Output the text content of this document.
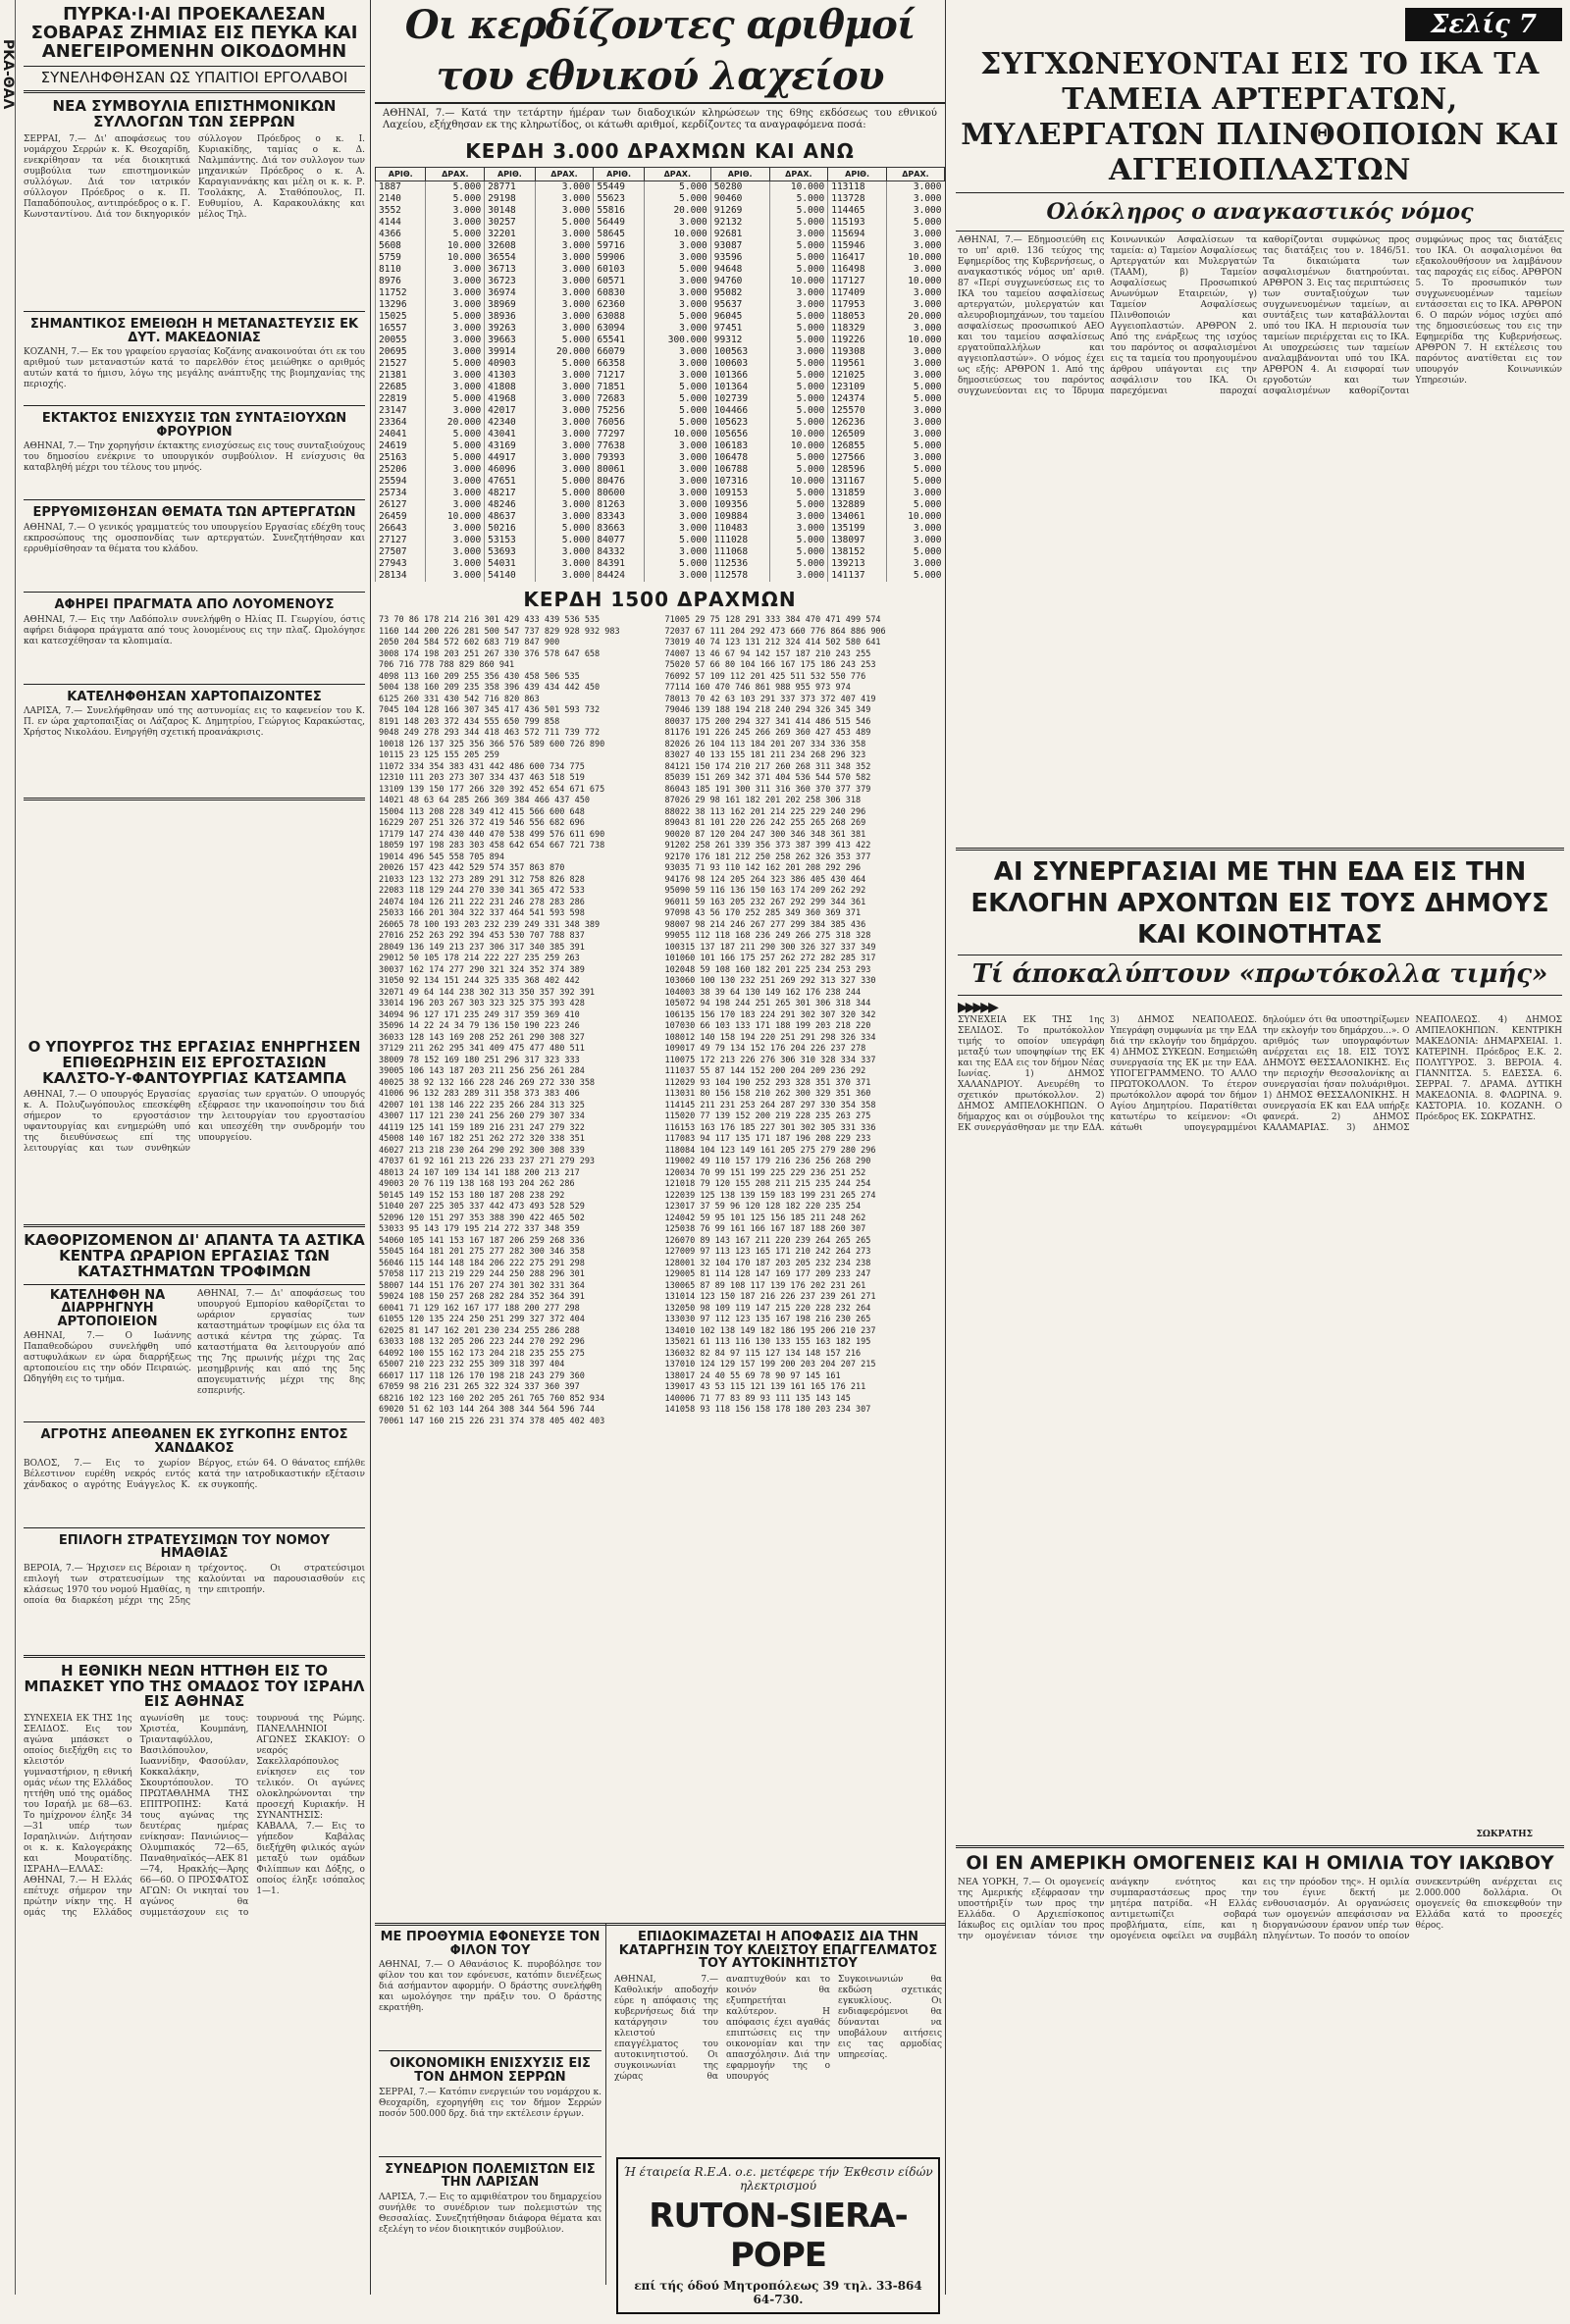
ΡΚΑ-ΘΑΛ
ΠΥΡΚΑ·Ι·ΑΙ ΠΡΟΕΚΑΛΕΣΑΝ ΣΟΒΑΡΑΣ ΖΗΜΙΑΣ ΕΙΣ ΠΕΥΚΑ ΚΑΙ ΑΝΕΓΕΙΡΟΜΕΝΗΝ ΟΙΚΟΔΟΜΗΝ
ΣΥΝΕΛΗΦΘΗΣΑΝ ΩΣ ΥΠΑΙΤΙΟΙ ΕΡΓΟΛΑΒΟΙ
ΝΕΑ ΣΥΜΒΟΥΛΙΑ ΕΠΙΣΤΗΜΟΝΙΚΩΝ ΣΥΛΛΟΓΩΝ ΤΩΝ ΣΕΡΡΩΝ
ΣΕΡΡΑΙ, 7.— Δι' αποφάσεως του νομάρχου Σερρών κ. Κ. Θεοχαρίδη, ενεκρίθησαν τα νέα διοικητικά συμβούλια των επιστημονικών συλλόγων. Διά τον ιατρικόν σύλλογον Πρόεδρος ο κ. Π. Παπαδόπουλος, αντιπρόεδρος ο κ. Γ. Κωνσταντίνου. Διά τον δικηγορικόν σύλλογον Πρόεδρος ο κ. Ι. Κυριακίδης, ταμίας ο κ. Δ. Ναλμπάντης. Διά τον συλλογον των μηχανικών Πρόεδρος ο κ. Α. Καραγιαννάκης και μέλη οι κ. κ. Ρ. Τσολάκης, Α. Σταθόπουλος, Π. Ευθυμίου, Α. Καρακουλάκης και μέλος Τηλ.
ΣΗΜΑΝΤΙΚΟΣ ΕΜΕΙΘΩΗ Η ΜΕΤΑΝΑΣΤΕΥΣΙΣ ΕΚ ΔΥΤ. ΜΑΚΕΔΟΝΙΑΣ
ΚΟΖΑΝΗ, 7.— Εκ του γραφείου εργασίας Κοζάνης ανακοινούται ότι εκ του αριθμού των μεταναστών κατά το παρελθόν έτος μειώθηκε ο αριθμός αυτών κατά το ήμισυ, λόγω της μεγάλης ανάπτυξης της βιομηχανίας της περιοχής.
ΕΚΤΑΚΤΟΣ ΕΝΙΣΧΥΣΙΣ ΤΩΝ ΣΥΝΤΑΞΙΟΥΧΩΝ ΦΡΟΥΡΙΟΝ
ΑΘΗΝΑΙ, 7.— Την χορηγήσιν έκτακτης ενισχύσεως εις τους συνταξιούχους του δημοσίου ενέκρινε το υπουργικόν συμβούλιον. Η ενίσχυσις θα καταβληθή μέχρι του τέλους του μηνός.
ΕΡΡΥΘΜΙΣΘΗΣΑΝ ΘΕΜΑΤΑ ΤΩΝ ΑΡΤΕΡΓΑΤΩΝ
ΑΘΗΝΑΙ, 7.— Ο γενικός γραμματεύς του υπουργείου Εργασίας εδέχθη τους εκπροσώπους της ομοσπονδίας των αρτεργατών. Συνεζητήθησαν και ερρυθμίσθησαν τα θέματα του κλάδου.
ΑΦΗΡΕΙ ΠΡΑΓΜΑΤΑ ΑΠΟ ΛΟΥΟΜΕΝΟΥΣ
ΑΘΗΝΑΙ, 7.— Εις την Λαδόπολιν συνελήφθη ο Ηλίας Π. Γεωργίου, όστις αφήρει διάφορα πράγματα από τους λουομένους εις την πλαζ. Ωμολόγησε και κατεσχέθησαν τα κλοπιμαία.
ΚΑΤΕΛΗΦΘΗΣΑΝ ΧΑΡΤΟΠΑΙΖΟΝΤΕΣ
ΛΑΡΙΣΑ, 7.— Συνελήφθησαν υπό της αστυνομίας εις το καφενείον του Κ. Π. εν ώρα χαρτοπαιξίας οι Λάζαρος Κ. Δημητρίου, Γεώργιος Καρακώστας, Χρήστος Νικολάου. Ενηργήθη σχετική προανάκρισις.
Ο ΥΠΟΥΡΓΟΣ ΤΗΣ ΕΡΓΑΣΙΑΣ ΕΝΗΡΓΗΣΕΝ ΕΠΙΘΕΩΡΗΣΙΝ ΕΙΣ ΕΡΓΟΣΤΑΣΙΩΝ ΚΑΛΣΤΟ-Υ-ΦΑΝΤΟΥΡΓΙΑΣ ΚΑΤΣΑΜΠΑ
ΑΘΗΝΑΙ, 7.— Ο υπουργός Εργασίας κ. Α. Πολυζωγόπουλος επεσκέφθη σήμερον το εργοστάσιον υφαντουργίας και ενημερώθη υπό της διευθύνσεως επί της λειτουργίας και των συνθηκών εργασίας των εργατών. Ο υπουργός εξέφρασε την ικανοποίησιν του διά την λειτουργίαν του εργοστασίου και υπεσχέθη την συνδρομήν του υπουργείου.
ΚΑΘΟΡΙΖΟΜΕΝΟΝ ΔΙ' ΑΠΑΝΤΑ ΤΑ ΑΣΤΙΚΑ ΚΕΝΤΡΑ ΩΡΑΡΙΟΝ ΕΡΓΑΣΙΑΣ ΤΩΝ ΚΑΤΑΣΤΗΜΑΤΩΝ ΤΡΟΦΙΜΩΝ
ΚΑΤΕΛΗΦΘΗ ΝΑ ΔΙΑΡΡΗΓΝΥΗ ΑΡΤΟΠΟΙΕΙΟΝ
ΑΘΗΝΑΙ, 7.— Ο Ιωάννης Παπαθεοδώρου συνελήφθη υπό αστυφυλάκων εν ώρα διαρρήξεως αρτοποιείου εις την οδόν Πειραιώς. Ωδηγήθη εις το τμήμα.
ΑΘΗΝΑΙ, 7.— Δι' αποφάσεως του υπουργού Εμπορίου καθορίζεται το ωράριον εργασίας των καταστημάτων τροφίμων εις όλα τα αστικά κέντρα της χώρας. Τα καταστήματα θα λειτουργούν από της 7ης πρωινής μέχρι της 2ας μεσημβρινής και από της 5ης απογευματινής μέχρι της 8ης εσπερινής.
ΑΓΡΟΤΗΣ ΑΠΕΘΑΝΕΝ ΕΚ ΣΥΓΚΟΠΗΣ ΕΝΤΟΣ ΧΑΝΔΑΚΟΣ
ΒΟΛΟΣ, 7.— Εις το χωρίον Βέλεστινον ευρέθη νεκρός εντός χάνδακος ο αγρότης Ευάγγελος Κ. Βέργος, ετών 64. Ο θάνατος επήλθε κατά την ιατροδικαστικήν εξέτασιν εκ συγκοπής.
ΕΠΙΛΟΓΗ ΣΤΡΑΤΕΥΣΙΜΩΝ ΤΟΥ ΝΟΜΟΥ ΗΜΑΘΙΑΣ
ΒΕΡΟΙΑ, 7.— Ήρχισεν εις Βέροιαν η επιλογή των στρατευσίμων της κλάσεως 1970 του νομού Ημαθίας, η οποία θα διαρκέση μέχρι της 25ης τρέχοντος. Οι στρατεύσιμοι καλούνται να παρουσιασθούν εις την επιτροπήν.
Η ΕΘΝΙΚΗ ΝΕΩΝ ΗΤΤΗΘΗ ΕΙΣ ΤΟ ΜΠΑΣΚΕΤ ΥΠΟ ΤΗΣ ΟΜΑΔΟΣ ΤΟΥ ΙΣΡΑΗΛ ΕΙΣ ΑΘΗΝΑΣ
ΣΥΝΕΧΕΙΑ ΕΚ ΤΗΣ 1ης ΣΕΛΙΔΟΣ. Εις τον αγώνα μπάσκετ ο οποίος διεξήχθη εις το κλειστόν γυμναστήριον, η εθνική ομάς νέων της Ελλάδος ηττήθη υπό της ομάδος του Ισραήλ με 68—63. Το ημίχρονον έληξε 34—31 υπέρ των Ισραηλινών. Διήτησαν οι κ. κ. Καλογεράκης και Μουρατίδης. ΙΣΡΑΗΛ—ΕΛΛΑΣ: ΑΘΗΝΑΙ, 7.— Η Ελλάς επέτυχε σήμερον την πρώτην νίκην της. Η ομάς της Ελλάδος αγωνίσθη με τους: Χριστέα, Κουμπάνη, Τριανταφύλλου, Βασιλόπουλον, Ιωαννίδην, Φασούλαν, Κοκκαλάκην, Σκουρτόπουλον. ΤΟ ΠΡΩΤΑΘΛΗΜΑ ΤΗΣ ΕΠΙΤΡΟΠΗΣ: Κατά τους αγώνας της δευτέρας ημέρας ενίκησαν: Πανιώνιος—Ολυμπιακός 72—65, Παναθηναϊκός—ΑΕΚ 81—74, Ηρακλής—Άρης 66—60. Ο ΠΡΟΣΦΑΤΟΣ ΑΓΩΝ: Οι νικηταί του αγώνος θα συμμετάσχουν εις το τουρνουά της Ρώμης. ΠΑΝΕΛΛΗΝΙΟΙ ΑΓΩΝΕΣ ΣΚΑΚΙΟΥ: Ο νεαρός Σακελλαρόπουλος ενίκησεν εις τον τελικόν. Οι αγώνες ολοκληρώνονται την προσεχή Κυριακήν. Η ΣΥΝΑΝΤΗΣΙΣ: ΚΑΒΑΛΑ, 7.— Εις το γήπεδον Καβάλας διεξήχθη φιλικός αγών μεταξύ των ομάδων Φιλίππων και Δόξης, ο οποίος έληξε ισόπαλος 1—1.
Οι κερδίζοντες αριθμοί του εθνικού λαχείου
ΑΘΗΝΑΙ, 7.— Κατά την τετάρτην ήμέραν των διαδοχικών κληρώσεων της 69ης εκδόσεως του εθνικού Λαχείου, εξήχθησαν εκ της κληρωτίδος, οι κάτωθι αριθμοί, κερδίζοντες τα αναγραφόμενα ποσά:
ΚΕΡΔΗ 3.000 ΔΡΑΧΜΩΝ ΚΑΙ ΑΝΩ
ΑΡΙΘ.	ΔΡΑΧ.	ΑΡΙΘ.	ΔΡΑΧ.	ΑΡΙΘ.	ΔΡΑΧ.	ΑΡΙΘ.	ΔΡΑΧ.	ΑΡΙΘ.	ΔΡΑΧ.
1887	5.000	28771	3.000	55449	5.000	50280	10.000	113118	3.000
2140	5.000	29198	3.000	55623	5.000	90460	5.000	113728	3.000
3552	3.000	30148	3.000	55816	20.000	91269	5.000	114465	3.000
4144	3.000	30257	5.000	56449	3.000	92132	5.000	115193	5.000
4366	5.000	32201	3.000	58645	10.000	92681	3.000	115694	3.000
5608	10.000	32608	3.000	59716	3.000	93087	5.000	115946	3.000
5759	10.000	36554	3.000	59906	3.000	93596	5.000	116417	10.000
8110	3.000	36713	3.000	60103	5.000	94648	5.000	116498	3.000
8976	3.000	36723	3.000	60571	3.000	94760	10.000	117127	10.000
11752	3.000	36974	3.000	60830	3.000	95082	3.000	117409	3.000
13296	3.000	38969	3.000	62360	3.000	95637	3.000	117953	3.000
15025	5.000	38936	3.000	63088	5.000	96045	5.000	118053	20.000
16557	3.000	39263	3.000	63094	3.000	97451	5.000	118329	3.000
20055	3.000	39663	5.000	65541	300.000	99312	5.000	119226	10.000
20695	3.000	39914	20.000	66079	3.000	100563	3.000	119308	3.000
21527	5.000	40903	5.000	66358	3.000	100603	5.000	119561	3.000
21381	3.000	41303	3.000	71217	3.000	101366	5.000	121025	3.000
22685	3.000	41808	3.000	71851	5.000	101364	5.000	123109	5.000
22819	5.000	41968	3.000	72683	5.000	102739	5.000	124374	5.000
23147	3.000	42017	3.000	75256	5.000	104466	5.000	125570	3.000
23364	20.000	42340	3.000	76056	5.000	105623	5.000	126236	3.000
24041	5.000	43041	3.000	77297	10.000	105656	10.000	126509	3.000
24619	5.000	43169	3.000	77638	3.000	106183	10.000	126855	5.000
25163	5.000	44917	3.000	79393	3.000	106478	5.000	127566	3.000
25206	3.000	46096	3.000	80061	3.000	106788	5.000	128596	5.000
25594	3.000	47651	5.000	80476	3.000	107316	10.000	131167	5.000
25734	3.000	48217	5.000	80600	3.000	109153	5.000	131859	3.000
26127	3.000	48246	3.000	81263	3.000	109356	5.000	132889	5.000
26459	10.000	48637	3.000	83343	3.000	109884	3.000	134061	10.000
26643	3.000	50216	5.000	83663	3.000	110483	3.000	135199	3.000
27127	3.000	53153	5.000	84077	5.000	111028	5.000	138097	3.000
27507	3.000	53693	3.000	84332	3.000	111068	5.000	138152	5.000
27943	3.000	54031	3.000	84391	5.000	112536	5.000	139213	3.000
28134	3.000	54140	3.000	84424	3.000	112578	3.000	141137	5.000
ΚΕΡΔΗ 1500 ΔΡΑΧΜΩΝ
73 70 86 178 214 216 301 429 433 439 536 535
1160 144 200 226 281 500 547 737 829 928 932 983
2050 204 584 572 602 683 719 847 900
3008 174 198 203 251 267 330 376 578 647 658
706 716 778 788 829 860 941
4098 113 160 209 255 356 430 458 506 535
5004 138 160 209 235 358 396 439 434 442 450
6125 260 331 430 542 716 820 863
7045 104 128 166 307 345 417 436 501 593 732
8191 148 203 372 434 555 650 799 858
9048 249 278 293 344 418 463 572 711 739 772
10018 126 137 325 356 366 576 589 600 726 890
10115 23 125 155 205 259
11072 334 354 383 431 442 486 600 734 775
12310 111 203 273 307 334 437 463 518 519
13109 139 150 177 266 320 392 452 654 671 675
14021 48 63 64 285 266 369 384 466 437 450
15004 113 208 228 349 412 415 566 600 648
16229 207 251 326 372 419 546 556 682 696
17179 147 274 430 440 470 538 499 576 611 690
18059 197 198 283 303 458 642 654 667 721 738
19014 496 545 558 705 894
20026 157 423 442 529 574 357 863 870
21033 123 132 273 289 291 312 758 826 828
22083 118 129 244 270 330 341 365 472 533
24074 104 126 211 222 231 246 278 283 286
25033 166 201 304 322 337 464 541 593 598
26065 78 100 193 203 232 239 249 331 348 389
27016 252 263 292 394 453 530 707 788 837
28049 136 149 213 237 306 317 340 385 391
29012 50 105 178 214 222 227 235 259 263
30037 162 174 277 290 321 324 352 374 389
31050 92 134 151 244 325 335 368 402 442
32071 49 64 144 238 302 313 350 357 392 391
33014 196 203 267 303 323 325 375 393 428
34094 96 127 171 235 249 317 359 369 410
35096 14 22 24 34 79 136 150 190 223 246
36033 128 143 169 208 252 261 290 308 327
37129 211 262 295 341 409 475 477 480 511
38009 78 152 169 180 251 296 317 323 333
39005 106 143 187 203 211 256 256 261 284
40025 38 92 132 166 228 246 269 272 330 358
41006 96 132 283 289 311 358 373 383 406
42007 101 138 146 222 235 266 284 313 325
43007 117 121 230 241 256 260 279 307 334
44119 125 141 159 189 216 231 247 279 322
45008 140 167 182 251 262 272 320 338 351
46027 213 218 230 264 290 292 300 308 339
47037 61 92 161 213 226 233 237 271 279 293
48013 24 107 109 134 141 188 200 213 217
49003 20 76 119 138 168 193 204 262 286
50145 149 152 153 180 187 208 238 292
51040 207 225 305 337 442 473 493 528 529
52096 120 151 297 353 388 390 422 465 502
53033 95 143 179 195 214 272 337 348 359
54060 105 141 153 167 187 206 259 268 336
55045 164 181 201 275 277 282 300 346 358
56046 115 144 148 184 206 222 275 291 298
57058 117 213 219 229 244 250 288 296 301
58007 144 151 176 207 274 301 302 331 364
59024 108 150 257 268 282 284 352 364 391
60041 71 129 162 167 177 188 200 277 298
61055 120 135 224 250 251 299 327 372 404
62025 81 147 162 201 230 234 255 286 288
63033 108 132 205 206 223 244 270 292 296
64092 100 155 162 173 204 218 235 255 275
65007 210 223 232 255 309 318 397 404
66017 117 118 126 170 198 218 243 279 360
67059 98 216 231 265 322 324 337 360 397
68216 102 123 160 202 205 261 765 760 852 934
69020 51 62 103 144 264 308 344 564 596 744
70061 147 160 215 226 231 374 378 405 402 403
71005 29 75 128 291 333 384 470 471 499 574
72037 67 111 204 292 473 660 776 864 886 906
73019 40 74 123 131 212 324 414 502 580 641
74007 13 46 67 94 142 157 187 210 243 255
75020 57 66 80 104 166 167 175 186 243 253
76092 57 109 112 201 425 511 532 550 776
77114 160 470 746 861 988 955 973 974
78013 70 42 63 103 291 337 373 372 407 419
79046 139 188 194 218 240 294 326 345 349
80037 175 200 294 327 341 414 486 515 546
81176 191 226 245 266 269 360 427 453 489
82026 26 104 113 184 201 207 334 336 358
83027 40 133 155 181 211 234 268 296 323
84121 150 174 210 217 260 268 311 348 352
85039 151 269 342 371 404 536 544 570 582
86043 185 191 300 311 316 360 370 377 379
87026 29 98 161 182 201 202 258 306 318
88022 38 113 162 201 214 225 229 240 296
89043 81 101 220 226 242 255 265 268 269
90020 87 120 204 247 300 346 348 361 381
91202 258 261 339 356 373 387 399 413 422
92170 176 181 212 250 258 262 326 353 377
93035 71 93 110 142 162 201 208 292 296
94176 98 124 205 264 323 386 405 430 464
95090 59 116 136 150 163 174 209 262 292
96011 59 163 205 232 267 292 299 344 361
97098 43 56 170 252 285 349 360 369 371
98007 98 214 246 267 277 299 384 385 436
99055 112 118 168 236 249 266 275 318 328
100315 137 187 211 290 300 326 327 337 349
101060 101 166 175 257 262 272 282 285 317
102048 59 108 160 182 201 225 234 253 293
103060 100 130 232 251 269 292 313 327 330
104003 38 39 64 130 149 162 176 238 244
105072 94 198 244 251 265 301 306 318 344
106135 156 170 183 224 291 302 307 320 342
107030 66 103 133 171 188 199 203 218 220
108012 140 158 194 220 251 291 298 326 334
109017 49 79 134 152 176 204 226 237 278
110075 172 213 226 276 306 310 328 334 337
111037 55 87 144 152 200 204 209 236 292
112029 93 104 190 252 293 328 351 370 371
113031 80 156 158 210 262 300 329 351 360
114145 211 231 253 264 287 297 330 354 358
115020 77 139 152 200 219 228 235 263 275
116153 163 176 185 227 301 302 305 331 336
117083 94 117 135 171 187 196 208 229 233
118084 104 123 149 161 205 275 279 280 296
119002 49 110 157 179 216 236 256 268 290
120034 70 99 151 199 225 229 236 251 252
121018 79 120 155 208 211 215 235 244 254
122039 125 138 139 159 183 199 231 265 274
123017 37 59 96 120 128 182 220 235 254
124042 59 95 101 125 156 185 211 248 262
125038 76 99 161 166 167 187 188 260 307
126070 89 143 167 211 220 239 264 265 265
127009 97 113 123 165 171 210 242 264 273
128001 32 104 170 187 203 205 232 234 238
129005 81 114 128 147 169 177 209 233 247
130065 87 89 108 117 139 176 202 231 261
131014 123 150 187 216 226 237 239 261 271
132050 98 109 119 147 215 220 228 232 264
133030 97 112 123 135 167 198 216 230 265
134010 102 138 149 182 186 195 206 210 237
135021 61 113 116 130 133 155 163 182 195
136032 82 84 97 115 127 134 148 157 216
137010 124 129 157 199 200 203 204 207 215
138017 24 40 55 69 78 90 97 145 161
139017 43 53 115 121 139 161 165 176 211
140006 71 77 83 89 93 111 135 143 145
141058 93 118 156 158 178 180 203 234 307
ΜΕ ΠΡΟΘΥΜΙΑ ΕΦΟΝΕΥΣΕ ΤΟΝ ΦΙΛΟΝ ΤΟΥ
ΑΘΗΝΑΙ, 7.— Ο Αθανάσιος Κ. πυροβόλησε τον φίλον του και τον εφόνευσε, κατόπιν διενέξεως διά ασήμαντον αφορμήν. Ο δράστης συνελήφθη και ωμολόγησε την πράξιν του. Ο δράστης εκρατήθη.
ΟΙΚΟΝΟΜΙΚΗ ΕΝΙΣΧΥΣΙΣ ΕΙΣ ΤΟΝ ΔΗΜΟΝ ΣΕΡΡΩΝ
ΣΕΡΡΑΙ, 7.— Κατόπιν ενεργειών του νομάρχου κ. Θεοχαρίδη, εχορηγήθη εις τον δήμον Σερρών ποσόν 500.000 δρχ. διά την εκτέλεσιν έργων.
ΣΥΝΕΔΡΙΟΝ ΠΟΛΕΜΙΣΤΩΝ ΕΙΣ ΤΗΝ ΛΑΡΙΣΑΝ
ΛΑΡΙΣΑ, 7.— Εις το αμφιθέατρον του δημαρχείου συνήλθε το συνέδριον των πολεμιστών της Θεσσαλίας. Συνεζητήθησαν διάφορα θέματα και εξελέγη το νέον διοικητικόν συμβούλιον.
ΕΠΙΔΟΚΙΜΑΖΕΤΑΙ Η ΑΠΟΦΑΣΙΣ ΔΙΑ ΤΗΝ ΚΑΤΑΡΓΗΣΙΝ ΤΟΥ ΚΛΕΙΣΤΟΥ ΕΠΑΓΓΕΛΜΑΤΟΣ ΤΟΥ ΑΥΤΟΚΙΝΗΤΙΣΤΟΥ
ΑΘΗΝΑΙ, 7.— Καθολικήν αποδοχήν εύρε η απόφασις της κυβερνήσεως διά την κατάργησιν του κλειστού επαγγέλματος του αυτοκινητιστού. Οι συγκοινωνίαι της χώρας θα αναπτυχθούν και το κοινόν θα εξυπηρετήται καλύτερον. Η απόφασις έχει αγαθάς επιπτώσεις εις την οικονομίαν και την απασχόλησιν. Διά την εφαρμογήν της ο υπουργός Συγκοινωνιών θα εκδώση σχετικάς εγκυκλίους. Οι ενδιαφερόμενοι θα δύνανται να υποβάλουν αιτήσεις εις τας αρμοδίας υπηρεσίας.
Ή έταιρεία R.E.A. ο.ε. μετέφερε τήν Έκθεσιν είδών ηλεκτρισμού
RUTON-SIERA-POPE
επί τής όδού Μητροπόλεως 39 τηλ. 33-864 64-730.
Σελίς 7
ΣΥΓΧΩΝΕΥΟΝΤΑΙ ΕΙΣ ΤΟ ΙΚΑ ΤΑ ΤΑΜΕΙΑ ΑΡΤΕΡΓΑΤΩΝ, ΜΥΛΕΡΓΑΤΩΝ ΠΛΙΝΘΟΠΟΙΩΝ ΚΑΙ ΑΓΓΕΙΟΠΛΑΣΤΩΝ
Ολόκληρος ο αναγκαστικός νόμος
ΑΘΗΝΑΙ, 7.— Εδημοσιεύθη εις το υπ' αριθ. 136 τεύχος της Εφημερίδος της Κυβερνήσεως, ο αναγκαστικός νόμος υπ' αριθ. 87 «Περί συγχωνεύσεως εις το ΙΚΑ του ταμείου ασφαλίσεως αρτεργατών, μυλεργατών και αλευροβιομηχάνων, του ταμείου ασφαλίσεως προσωπικού ΑΕΟ και του ταμείου ασφαλίσεως εργατοϋπαλλήλων και αγγειοπλαστών». Ο νόμος έχει ως εξής: ΑΡΘΡΟΝ 1. Από της δημοσιεύσεως του παρόντος συγχωνεύονται εις το Ίδρυμα Κοινωνικών Ασφαλίσεων τα ταμεία: α) Ταμείον Ασφαλίσεως Αρτεργατών και Μυλεργατών (ΤΑΑΜ), β) Ταμείον Ασφαλίσεως Προσωπικού Ανωνύμων Εταιρειών, γ) Ταμείον Ασφαλίσεως Πλινθοποιών και Αγγειοπλαστών. ΑΡΘΡΟΝ 2. Από της ενάρξεως της ισχύος του παρόντος οι ασφαλισμένοι εις τα ταμεία του προηγουμένου άρθρου υπάγονται εις την ασφάλισιν του ΙΚΑ. Οι παρεχόμεναι παροχαί καθορίζονται συμφώνως προς τας διατάξεις του ν. 1846/51. Τα δικαιώματα των ασφαλισμένων διατηρούνται. ΑΡΘΡΟΝ 3. Εις τας περιπτώσεις των συνταξιούχων των συγχωνευομένων ταμείων, αι συντάξεις των καταβάλλονται υπό του ΙΚΑ. Η περιουσία των ταμείων περιέρχεται εις το ΙΚΑ. Αι υποχρεώσεις των ταμείων αναλαμβάνονται υπό του ΙΚΑ. ΑΡΘΡΟΝ 4. Αι εισφοραί των εργοδοτών και των ασφαλισμένων καθορίζονται συμφώνως προς τας διατάξεις του ΙΚΑ. Οι ασφαλισμένοι θα εξακολουθήσουν να λαμβάνουν τας παροχάς εις είδος. ΑΡΘΡΟΝ 5. Το προσωπικόν των συγχωνευομένων ταμείων εντάσσεται εις το ΙΚΑ. ΑΡΘΡΟΝ 6. Ο παρών νόμος ισχύει από της δημοσιεύσεως του εις την Εφημερίδα της Κυβερνήσεως. ΑΡΘΡΟΝ 7. Η εκτέλεσις του παρόντος ανατίθεται εις τον υπουργόν Κοινωνικών Υπηρεσιών.
ΑΙ ΣΥΝΕΡΓΑΣΙΑΙ ΜΕ ΤΗΝ ΕΔΑ ΕΙΣ ΤΗΝ ΕΚΛΟΓΗΝ ΑΡΧΟΝΤΩΝ ΕΙΣ ΤΟΥΣ ΔΗΜΟΥΣ ΚΑΙ ΚΟΙΝΟΤΗΤΑΣ
Τί άποκαλύπτουν «πρωτόκολλα τιμής»
▶▶▶▶▶
ΣΥΝΕΧΕΙΑ ΕΚ ΤΗΣ 1ης ΣΕΛΙΔΟΣ. Το πρωτόκολλον τιμής το οποίον υπεγράφη μεταξύ των υποψηφίων της ΕΚ και της ΕΔΑ εις τον δήμον Νέας Ιωνίας. 1) ΔΗΜΟΣ ΧΑΛΑΝΔΡΙΟΥ. Ανευρέθη το σχετικόν πρωτόκολλον. 2) ΔΗΜΟΣ ΑΜΠΕΛΟΚΗΠΩΝ. Ο δήμαρχος και οι σύμβουλοι της ΕΚ συνεργάσθησαν με την ΕΔΑ. 3) ΔΗΜΟΣ ΝΕΑΠΟΛΕΩΣ. Υπεγράφη συμφωνία με την ΕΔΑ διά την εκλογήν του δημάρχου. 4) ΔΗΜΟΣ ΣΥΚΕΩΝ. Εσημειώθη συνεργασία της ΕΚ με την ΕΔΑ. ΥΠΟΓΕΓΡΑΜΜΕΝΟ. ΤΟ ΑΛΛΟ ΠΡΩΤΟΚΟΛΛΟΝ. Το έτερον πρωτόκολλον αφορά τον δήμον Αγίου Δημητρίου. Παρατίθεται κατωτέρω το κείμενον: «Οι κάτωθι υπογεγραμμένοι δηλούμεν ότι θα υποστηρίξωμεν την εκλογήν του δημάρχου...». Ο αριθμός των υπογραφόντων ανέρχεται εις 18. ΕΙΣ ΤΟΥΣ ΔΗΜΟΥΣ ΘΕΣΣΑΛΟΝΙΚΗΣ. Εις την περιοχήν Θεσσαλονίκης αι συνεργασίαι ήσαν πολυάριθμοι. 1) ΔΗΜΟΣ ΘΕΣΣΑΛΟΝΙΚΗΣ. Η συνεργασία ΕΚ και ΕΔΑ υπήρξε φανερά. 2) ΔΗΜΟΣ ΚΑΛΑΜΑΡΙΑΣ. 3) ΔΗΜΟΣ ΝΕΑΠΟΛΕΩΣ. 4) ΔΗΜΟΣ ΑΜΠΕΛΟΚΗΠΩΝ. ΚΕΝΤΡΙΚΗ ΜΑΚΕΔΟΝΙΑ: ΔΗΜΑΡΧΕΙΑΙ. 1. ΚΑΤΕΡΙΝΗ. Πρόεδρος Ε.Κ. 2. ΠΟΛΥΓΥΡΟΣ. 3. ΒΕΡΟΙΑ. 4. ΓΙΑΝΝΙΤΣΑ. 5. ΕΔΕΣΣΑ. 6. ΣΕΡΡΑΙ. 7. ΔΡΑΜΑ. ΔΥΤΙΚΗ ΜΑΚΕΔΟΝΙΑ. 8. ΦΛΩΡΙΝΑ. 9. ΚΑΣΤΟΡΙΑ. 10. ΚΟΖΑΝΗ. Ο Πρόεδρος ΕΚ. ΣΩΚΡΑΤΗΣ.
ΣΩΚΡΑΤΗΣ
ΟΙ ΕΝ ΑΜΕΡΙΚΗ ΟΜΟΓΕΝΕΙΣ ΚΑΙ Η ΟΜΙΛΙΑ ΤΟΥ ΙΑΚΩΒΟΥ
ΝΕΑ ΥΟΡΚΗ, 7.— Οι ομογενείς της Αμερικής εξέφρασαν την υποστήριξίν των προς την Ελλάδα. Ο Αρχιεπίσκοπος Ιάκωβος εις ομιλίαν του προς την ομογένειαν τόνισε την ανάγκην ενότητος και συμπαραστάσεως προς την μητέρα πατρίδα. «Η Ελλάς αντιμετωπίζει σοβαρά προβλήματα, είπε, και η ομογένεια οφείλει να συμβάλη εις την πρόοδον της». Η ομιλία του έγινε δεκτή με ενθουσιασμόν. Αι οργανώσεις των ομογενών απεφάσισαν να διοργανώσουν έρανον υπέρ των πληγέντων. Το ποσόν το οποίον συνεκεντρώθη ανέρχεται εις 2.000.000 δολλάρια. Οι ομογενείς θα επισκεφθούν την Ελλάδα κατά το προσεχές θέρος.
